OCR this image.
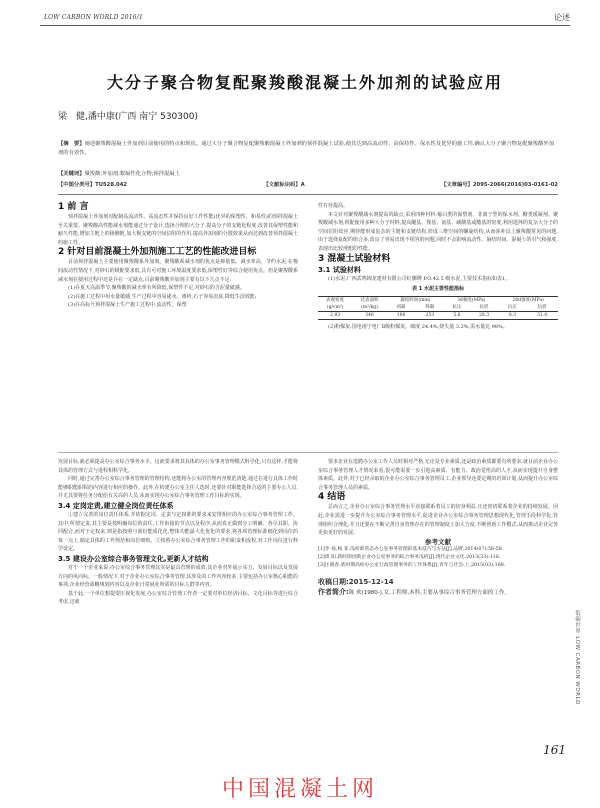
LOW CARBON WORLD 2016/1	论述
大分子聚合物复配聚羧酸混凝土外加剂的试验应用
梁　健,潘中康(广西 南宁 530300)
【摘　要】阐述聚羧酸混凝土外加剂目前使用的特点和现状。通过大分子聚合物复配聚羧酸混凝土外加剂的预拌混凝土试验,使其达到高流动性、高保持性、保水性及优异的施工性,确认大分子聚合物复配聚羧酸外加剂的有效性。
【关键词】聚羧酸;外加剂;絮凝性化合物;预拌混凝土
【中图分类号】TU528.042	【文献标识码】A	【文章编号】2095-2066(2016)03-0161-02

1 前 言

预拌混凝土外加剂对配制高流动性、高流态性并保持良好工作性能(优异的保塑性、和易性)的预拌混凝土至关重要。聚羧酸高性能减水剂能通过分子设计,选择合理的大分子,提高分子的支链化程度,改善其保塑性能和耐久性能,增加主链上的极侧链,加大极支链的空间位阻的作用,提高外加剂的分散效果从而达到改善预拌混凝土的施工性。

2 针对目前混凝土外加剂施工工艺的性能改进目标

目前预拌混凝土主要使用聚羧酸系外加剂。聚羧酸系减水剂的优点是掺量低、减水率高、节约水泥;在极间流动性情况下,对砂石的级配要求低,具有可对施工环境温度要求低,保塑性好等综合使用优点。但是聚羧酸系减水剂在使用过程中还是存在一定缺点,目前聚羧酸外加剂主要有以下几点不足:

(1)在夏天高温季节,聚羧酸的减水率有所降低,保塑性不足,对砂石的含泥量敏感。

(2)在施工过程中用水量敏感,生产过程中容易泌水、离析,石子容易沉底,降低生活效能;

(3)在高标号预拌混凝土生产施工过程中,流动性、保塑

性有待提高。

本文针对聚羧酸减水剂提高的缺点,采用四种材料:葡白类的保塑剂、非离子型的保水剂、糖类缓凝剂、聚羧酸减水剂,组配使用多种大分子材料,提高醚基、羧基、氨基、磺酸基或酯基的密度,利用选择的复杂大分子的空间位阻效应,期待能形成复杂的主链和支链结构,形成三维空间的螺旋结构,从而弥补以上聚羧酸常见的问题,由于选择复配的组合多,改良了容易出现不相容的问题,同时不会影响流动性、凝结时间、混凝土的引气和强度,表现出比较理想的性能。

3 混凝土试验材料

3.1 试验材料

(1)水泥:广西武鸣锦龙建材有限公司红狮牌 P.O.42.5 级水泥,主要技术指标如表1。

表 1 水泥主要性能指标
表观密度	比表面积	凝结时间(min)		3d强度(MPa)		28d强度(MPa)	
(g/cm³)	(m²/kg)	初凝	终凝	抗压	抗折	抗压	抗折
2.93	346	186	253	5.6	28.3	8.3	51.0

(2)粉煤灰:国电南宁电厂Ⅱ级粉煤灰。细度 24.4%,烧失量 3.2%,需水量比 98%。

发展目标,就必须提高办公室综合事务水平。这就要求将其具体的办公室事务管理模式科学化,只有这样,才能将其体的管理方式与进程相科学化。

同时,通过完善办公室综合事务管理的管理结构,还能将办公室的管理内容规范清楚,通过在进行具体工作时能够职能职程的内容进行相应的操作。此外,在构建办公室主任人选时,还要针对职能选择合适的主要办公人员,并尤其要将任务分配给有关高的人员,从而实现办公室综合事务管理工作目标的实现。

3.4 定岗定责,建立健全岗位责任体系

①建立完善的岗位责任体系,并依据定岗、定责与定权准的要求来安排相应的办公室综合事务管理工作。其中,所谓定责,其主要是按明确岗位的责任,工作衔接的节点以及程序,从而真正做到分工明确、各尽其职、协同配合,而对于定权来,则是指按照与部份能质化化,整体功能最大化优化的要求,将各项管理标准细化到岗位的每一点上,制定具体的工作规范和岗位细则。②按照办公室综合事务管理工作的职责和流程,对工作岗位进行科学设定。

3.5 建设办公室综合事务管理文化,更新人才结构

对于一个企业来说,办公室综合事务管理其实是最具管理的成效,其企业对外展示实力、发展目标以及发展方向的风向标。一般情况下,对于企业办公室综合事务管理,其涉及的工作内容较多,主要包括办公室核心职能的事项,企业经营战略规划内容以及企业日常展业所需的目标人群等内容。

基于此,一个单位想提要压视化发展,办公室综合管理工作者一定要对单位经济目标、文化目标等进行综合考虑,这就

要求企业在选聘办公室工作人员时相对严格,无论是专业素质,还是政治素质都要有所要求,就目前企业办公室综合事务管理人才情况来看,很可能需要一步引进高素质、有能力、政治觉悟高的人才,从而实现提升自身整体素质。此外,对于已经录取的企业办公室综合事务管理员工,企业领导还要定期的培训计划,从而提升办公室综合事务管理人员的素质。

4 结语

总而言之,企业办公室综合事务管理水平直接联系着员工的切身利益,且还密切联系着企业的持续发展。因此,企业需进一步提升办公室综合事务管理水平,促进企业办公室综合事务管理思想现代化,管理手段科学化,管理组织合理化,并且还要在不断完善自身管理存在的管理制度上加大力度,不断创新工作模式,从而推动企业完善更快更好的发展。

参考文献

[1]李 扬,杨 菲.浅析新常态办公室事务管理的基本技巧与方法[J].品牌,2014(07):56-58.
[2]周 阳.新时期创新企业办公室事务的综合事务浅析[J].现代企业文化,2013(33):116.
[3]汪晓春.新时期高校办公室行政管理事务的工作体系[J].青年与社会:上,2015(03):168.
收稿日期:2015-12-14
作者简介:陈 欢(1980-),女,工程师,本科,主要从事综合事务管理方面的工作。
低碳世界 LOW CARBON WORLD
161
中国混凝土网
